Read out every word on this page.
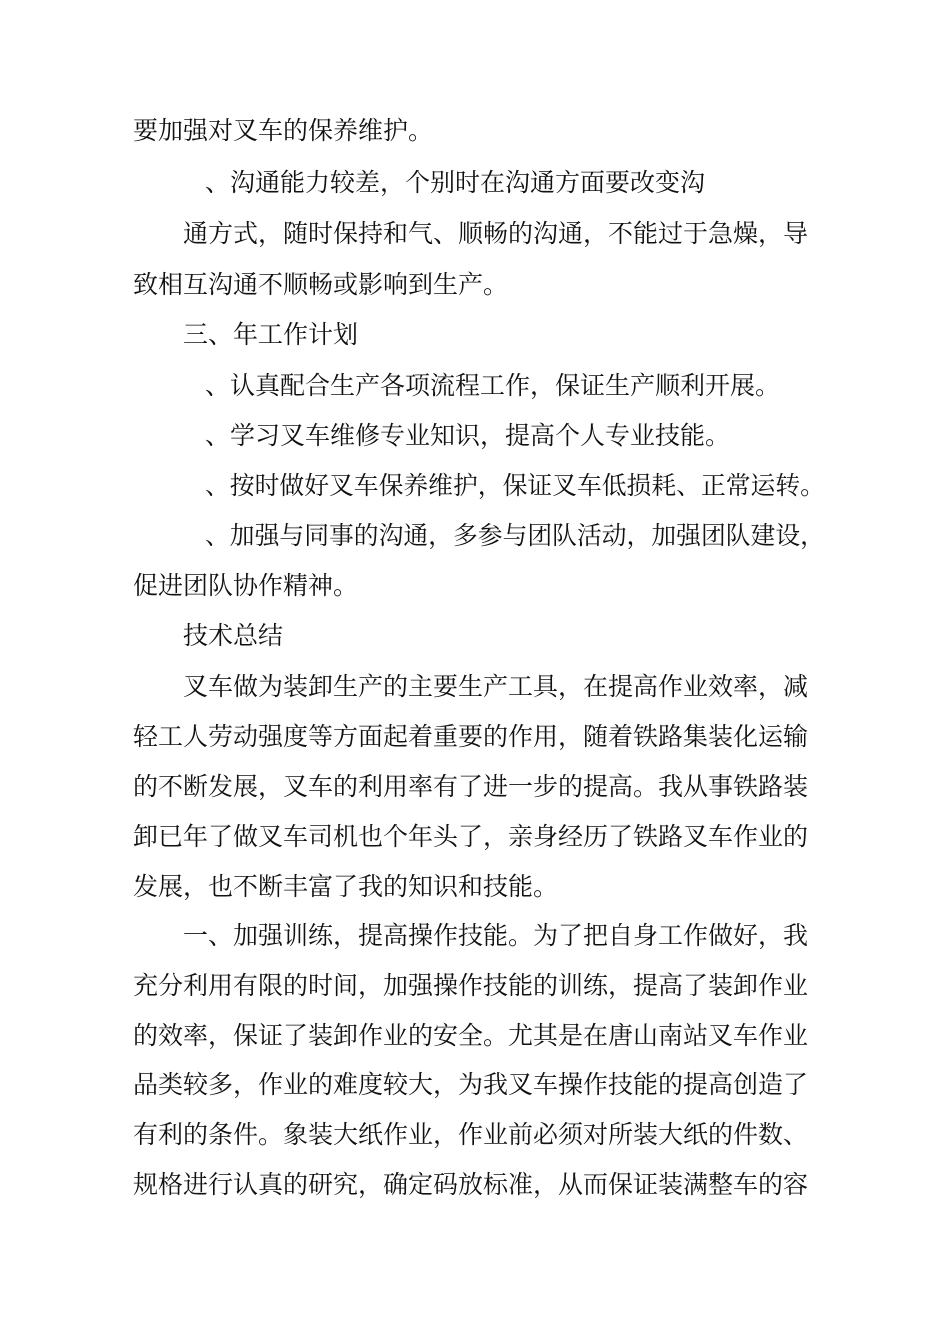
要加强对叉车的保养维护。
、沟通能力较差，个别时在沟通方面要改变沟
通方式，随时保持和气、顺畅的沟通，不能过于急燥，导
致相互沟通不顺畅或影响到生产。
三、年工作计划
、认真配合生产各项流程工作，保证生产顺利开展。
、学习叉车维修专业知识，提高个人专业技能。
、按时做好叉车保养维护，保证叉车低损耗、正常运转。
、加强与同事的沟通，多参与团队活动，加强团队建设，
促进团队协作精神。
技术总结
叉车做为装卸生产的主要生产工具，在提高作业效率，减
轻工人劳动强度等方面起着重要的作用，随着铁路集装化运输
的不断发展，叉车的利用率有了进一步的提高。我从事铁路装
卸已年了做叉车司机也个年头了，亲身经历了铁路叉车作业的
发展，也不断丰富了我的知识和技能。
一、加强训练，提高操作技能。为了把自身工作做好，我
充分利用有限的时间，加强操作技能的训练，提高了装卸作业
的效率，保证了装卸作业的安全。尤其是在唐山南站叉车作业
品类较多，作业的难度较大，为我叉车操作技能的提高创造了
有利的条件。象装大纸作业，作业前必须对所装大纸的件数、
规格进行认真的研究，确定码放标准，从而保证装满整车的容
